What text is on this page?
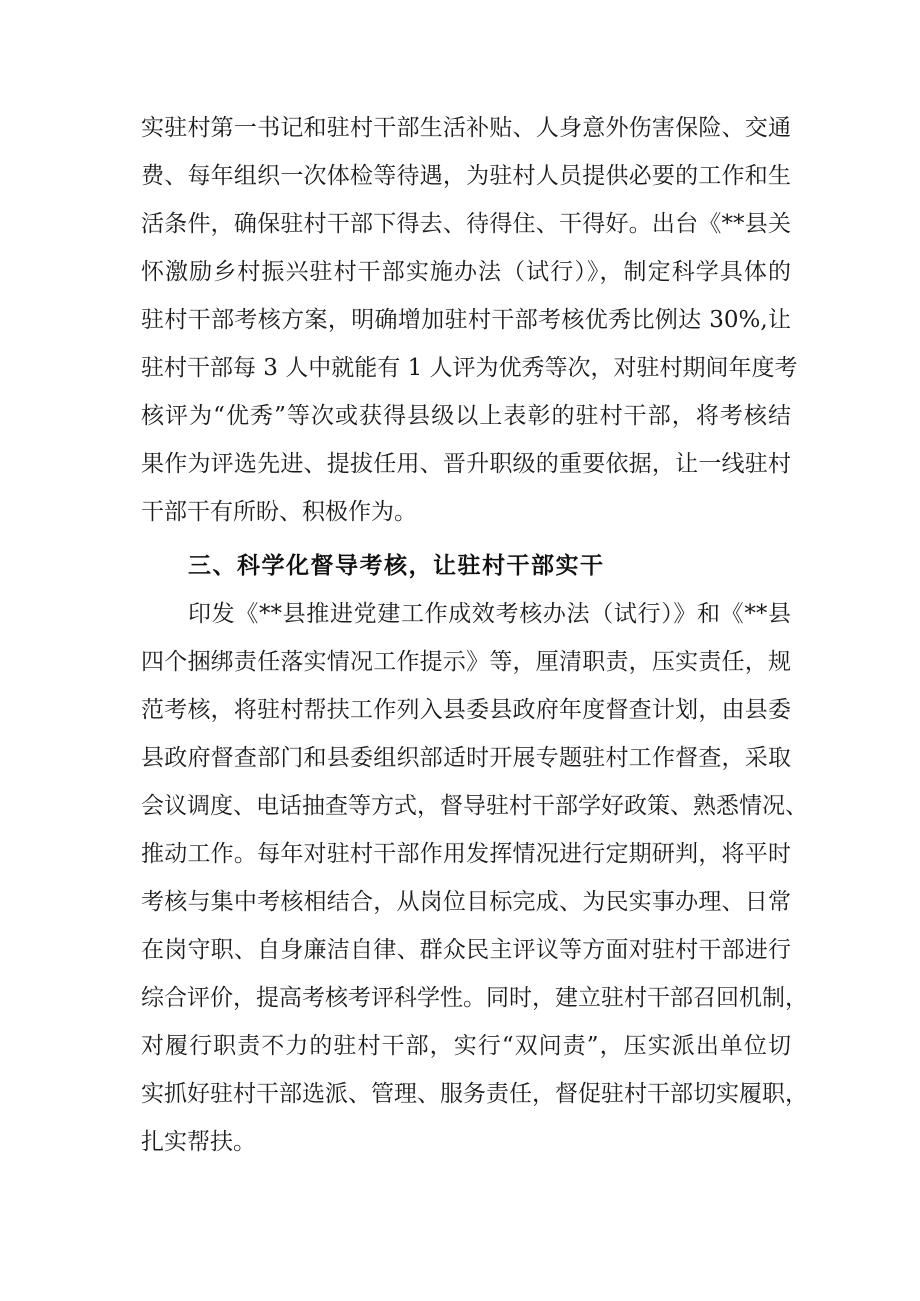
实驻村第一书记和驻村干部生活补贴、人身意外伤害保险、交通
费、每年组织一次体检等待遇，为驻村人员提供必要的工作和生
活条件，确保驻村干部下得去、待得住、干得好。出台《**县关
怀激励乡村振兴驻村干部实施办法（试行）》，制定科学具体的
驻村干部考核方案，明确增加驻村干部考核优秀比例达 30%,让
驻村干部每 3 人中就能有 1 人评为优秀等次，对驻村期间年度考
核评为“优秀”等次或获得县级以上表彰的驻村干部，将考核结
果作为评选先进、提拔任用、晋升职级的重要依据，让一线驻村
干部干有所盼、积极作为。
三、科学化督导考核，让驻村干部实干
印发《**县推进党建工作成效考核办法（试行）》和《**县
四个捆绑责任落实情况工作提示》等，厘清职责，压实责任，规
范考核，将驻村帮扶工作列入县委县政府年度督查计划，由县委
县政府督查部门和县委组织部适时开展专题驻村工作督查，采取
会议调度、电话抽查等方式，督导驻村干部学好政策、熟悉情况、
推动工作。每年对驻村干部作用发挥情况进行定期研判，将平时
考核与集中考核相结合，从岗位目标完成、为民实事办理、日常
在岗守职、自身廉洁自律、群众民主评议等方面对驻村干部进行
综合评价，提高考核考评科学性。同时，建立驻村干部召回机制，
对履行职责不力的驻村干部，实行“双问责”，压实派出单位切
实抓好驻村干部选派、管理、服务责任，督促驻村干部切实履职，
扎实帮扶。
